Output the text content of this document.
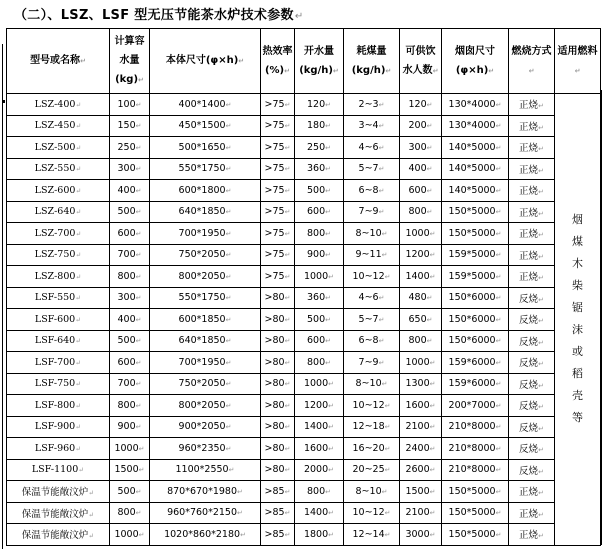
（二）、LSZ、LSF 型无压节能茶水炉技术参数↵
型号或名称↵	计算容水量(kg)↵	本体尺寸(φ×h)↵	热效率(%)↵	开水量(kg/h)↵	耗煤量(kg/h)↵	可供饮水人数↵	烟囱尺寸(φ×h)↵	燃烧方式↵	适用燃料↵
LSZ-400↵	100↵	400*1400↵	>75↵	120↵	2~3↵	120↵	130*4000↵	正烧↵	烟煤木柴锯沫或稻壳等

LSZ-450↵	150↵	450*1500↵	>75↵	180↵	3~4↵	200↵	130*4000↵	正烧↵	
LSZ-500↵	250↵	500*1650↵	>75↵	250↵	4~6↵	300↵	140*5000↵	正烧↵	
LSZ-550↵	300↵	550*1750↵	>75↵	360↵	5~7↵	400↵	140*5000↵	正烧↵	
LSZ-600↵	400↵	600*1800↵	>75↵	500↵	6~8↵	600↵	140*5000↵	正烧↵	
LSZ-640↵	500↵	640*1850↵	>75↵	600↵	7~9↵	800↵	150*5000↵	正烧↵	
LSZ-700↵	600↵	700*1950↵	>75↵	800↵	8~10↵	1000↵	150*5000↵	正烧↵	
LSZ-750↵	700↵	750*2050↵	>75↵	900↵	9~11↵	1200↵	159*5000↵	正烧↵	
LSZ-800↵	800↵	800*2050↵	>75↵	1000↵	10~12↵	1400↵	159*5000↵	正烧↵	
LSF-550↵	300↵	550*1750↵	>80↵	360↵	4~6↵	480↵	150*6000↵	反烧↵	
LSF-600↵	400↵	600*1850↵	>80↵	500↵	5~7↵	650↵	150*6000↵	反烧↵	
LSF-640↵	500↵	640*1850↵	>80↵	600↵	6~8↵	800↵	150*6000↵	反烧↵	
LSF-700↵	600↵	700*1950↵	>80↵	800↵	7~9↵	1000↵	159*6000↵	反烧↵	
LSF-750↵	700↵	750*2050↵	>80↵	1000↵	8~10↵	1300↵	159*6000↵	反烧↵	
LSF-800↵	800↵	800*2050↵	>80↵	1200↵	10~12↵	1600↵	200*7000↵	反烧↵	
LSF-900↵	900↵	900*2050↵	>80↵	1400↵	12~18↵	2100↵	210*8000↵	反烧↵	
LSF-960↵	1000↵	960*2350↵	>80↵	1600↵	16~20↵	2400↵	210*8000↵	反烧↵	
LSF-1100↵	1500↵	1100*2550↵	>80↵	2000↵	20~25↵	2600↵	210*8000↵	反烧↵	
保温节能敞汶炉↵	500↵	870*670*1980↵	>85↵	800↵	8~10↵	1500↵	150*5000↵	正烧↵	
保温节能敞汶炉↵	800↵	960*760*2150↵	>85↵	1400↵	10~12↵	2100↵	150*5000↵	正烧↵	
保温节能敞汶炉↵	1000↵	1020*860*2180↵	>85↵	1800↵	12~14↵	3000↵	150*5000↵	正烧↵	
